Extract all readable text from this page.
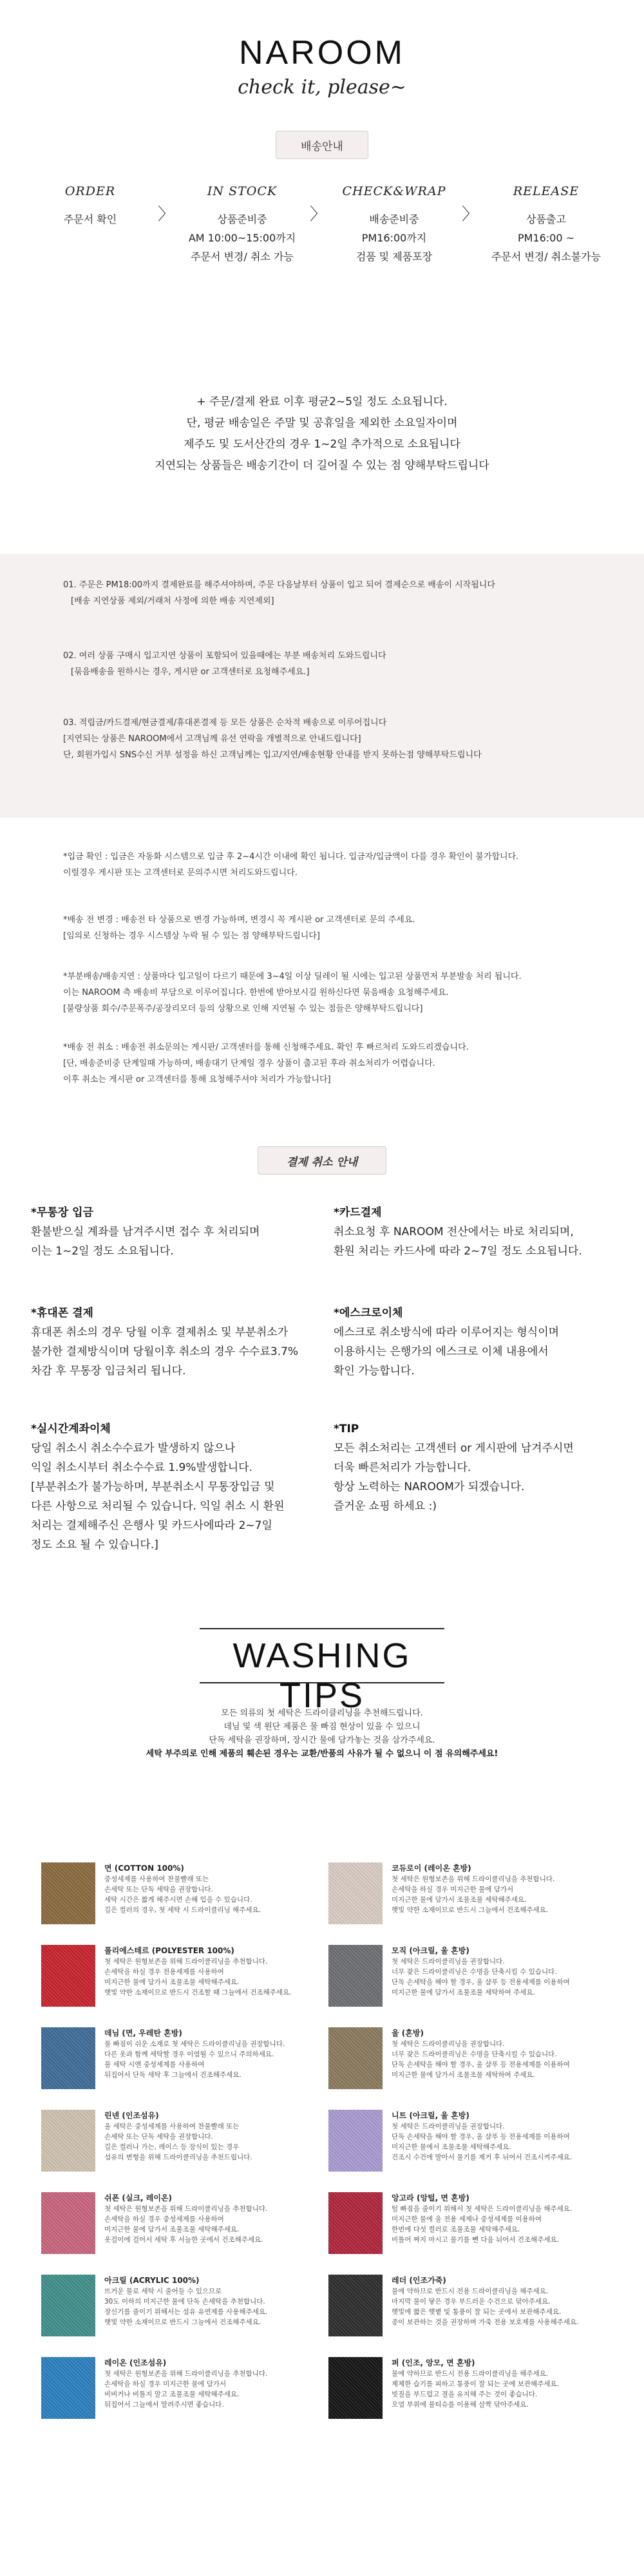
NAROOM
check it, please~
배송안내
ORDER
주문서 확인	〉
IN STOCK
상품준비중
AM 10:00~15:00까지
주문서 변경/ 취소 가능
〉
CHECK&WRAP
배송준비중
PM16:00까지
검품 및 제품포장
〉
RELEASE
상품출고
PM16:00 ~
주문서 변경/ 취소불가능
+ 주문/결제 완료 이후 평균2~5일 정도 소요됩니다.
단, 평균 배송일은 주말 및 공휴일을 제외한 소요일자이며
제주도 및 도서산간의 경우 1~2일 추가적으로 소요됩니다
지연되는 상품들은 배송기간이 더 길어질 수 있는 점 양해부탁드립니다
01. 주문은 PM18:00까지 결제완료를 해주셔야하며, 주문 다음날부터 상품이 입고 되어 결제순으로 배송이 시작됩니다
[배송 지연상품 제외/거래처 사정에 의한 배송 지연제외]
02. 여러 상품 구매시 입고지연 상품이 포함되어 있을때에는 부분 배송처리 도와드립니다
[묶음배송을 원하시는 경우, 게시판 or 고객센터로 요청해주세요.]
03. 적립금/카드결제/현금결제/휴대폰결제 등 모든 상품은 순차적 배송으로 이루어집니다
[지연되는 상품은 NAROOM에서 고객님께 유선 연락을 개별적으로 안내드립니다]
단, 회원가입시 SNS수신 거부 설정을 하신 고객님께는 입고/지연/배송현황 안내를 받지 못하는점 양해부탁드립니다
*입금 확인 : 입금은 자동화 시스템으로 입금 후 2~4시간 이내에 확인 됩니다. 입금자/입금액이 다를 경우 확인이 불가합니다.
이럴경우 게시판 또는 고객센터로 문의주시면 처리도와드립니다.
*배송 전 변경 : 배송전 타 상품으로 변경 가능하며, 변경시 꼭 게시판 or 고객센터로 문의 주세요.
[임의로 신청하는 경우 시스템상 누락 될 수 있는 점 양해부탁드립니다]
*부분배송/배송지연 : 상품마다 입고일이 다르기 때문에 3~4일 이상 딜레이 될 시에는 입고된 상품먼저 부분발송 처리 됩니다.
이는 NAROOM 측 배송비 부담으로 이루어집니다. 한번에 받아보시길 원하신다면 묶음배송 요청해주세요.
[불량상품 회수/주문폭주/공장리모더 등의 상황으로 인해 지연될 수 있는 점들은 양해부탁드립니다]
*배송 전 취소 : 배송전 취소문의는 게시판/ 고객센터를 통해 신청해주세요. 확인 후 빠르처리 도와드리겠습니다.
[단, 배송준비중 단계일때 가능하며, 배송대기 단계일 경우 상품이 출고된 후라 취소처리가 어렵습니다.
이후 취소는 게시판 or 고객센터를 통해 요청해주셔야 처리가 가능합니다]
결제 취소 안내
*무통장 입금
환불받으실 계좌를 남겨주시면 접수 후 처리되며
이는 1~2일 정도 소요됩니다.
*휴대폰 결제
휴대폰 취소의 경우 당월 이후 결제취소 및 부분취소가
불가한 결제방식이며 당월이후 취소의 경우 수수료3.7%
차감 후 무통장 입금처리 됩니다.
*실시간계좌이체
당일 취소시 취소수수료가 발생하지 않으나
익일 취소시부터 취소수수료 1.9%발생합니다.
[부분취소가 불가능하며, 부분취소시 무통장입금 및
다른 사항으로 처리될 수 있습니다. 익일 취소 시 환원
처리는 결제해주신 은행사 및 카드사에따라 2~7일
정도 소요 될 수 있습니다.]
*카드결제
취소요청 후 NAROOM 전산에서는 바로 처리되며,
환원 처리는 카드사에 따라 2~7일 정도 소요됩니다.
*에스크로이체
에스크로 취소방식에 따라 이루어지는 형식이며
이용하시는 은행가의 에스크로 이체 내용에서
확인 가능합니다.
*TIP
모든 취소처리는 고객센터 or 게시판에 남겨주시면
더욱 빠른처리가 가능합니다.
항상 노력하는 NAROOM가 되겠습니다.
즐거운 쇼핑 하세요 :)
WASHING TIPS
모든 의류의 첫 세탁은 드라이클리닝을 추천해드립니다.
데님 및 색 원단 제품은 물 빠짐 현상이 있을 수 있으니
단독 세탁을 권장하며, 장시간 물에 담가놓는 것을 삼가주세요.
세탁 부주의로 인해 제품의 훼손된 경우는 교환/반품의 사유가 될 수 없으니 이 점 유의해주세요!
면 (COTTON 100%)
중성세제를 사용하여 찬물빨래 또는
손세탁 또는 단독 세탁을 권장합니다.
세탁 시간은 짧게 해주시면 손해 입을 수 있습니다.
길은 컬러의 경우, 첫 세탁 시 드라이클리닝 해주세요.
폴리에스테르 (POLYESTER 100%)
첫 세탁은 원형보존을 위해 드라이클리닝을 추천합니다.
손세탁을 하실 경우 전용세제를 사용하여
미지근한 물에 담가서 조물조물 세탁해주세요.
햇빛 약한 소재이므로 반드시 건조할 때 그늘에서 건조해주세요.
데님 (면, 우레탄 혼방)
물 빠짐이 쉬운 소재로 첫 세탁은 드라이클리닝을 권장합니다.
다른 옷과 함께 세탁할 경우 이염될 수 있으니 주의하세요.
물 세탁 시엔 중성세제를 사용하여
뒤집어서 단독 세탁 후 그늘에서 건조해주세요.
린넨 (인조섬유)
울 세탁은 중성세제를 사용하여 찬물빨래 또는
손세탁 또는 단독 세탁을 권장합니다.
길은 컬러나 가는, 레이스 등 장식이 있는 경우
섬유의 변형을 위해 드라이클리닝을 추천드립니다.
쉬폰 (실크, 레이온)
첫 세탁은 원형보존을 위해 드라이클리닝을 추천합니다.
손세탁을 하실 경우 중성세제를 사용하여
미지근한 물에 담가서 조물조물 세탁해주세요.
옷걸이에 걸어서 세탁 후 서늘한 곳에서 건조해주세요.
아크릴 (ACRYLIC 100%)
뜨거운 물로 세탁 시 줄어들 수 있으므로
30도 이하의 미지근한 물에 단독 손세탁을 추천합니다.
장신기를 줄이기 위해서는 섬유 유연제를 사용해주세요.
햇빛 약한 소재이므로 반드시 그늘에서 건조해주세요.
레이온 (인조섬유)
첫 세탁은 원형보존을 위해 드라이클리닝을 추천합니다.
손세탁을 하실 경우 미지근한 물에 담가서
비비거나 비틀지 말고 조물조물 세탁해주세요.
뒤집어서 그늘에서 말려주시면 좋습니다.
코듀로이 (레이온 혼방)
첫 세탁은 원형보존을 위해 드라이클리닝을 추천합니다.
손세탁을 하실 경우 미지근한 물에 담가서
미지근한 물에 담가서 조물조물 세탁해주세요.
햇빛 약한 소재이므로 반드시 그늘에서 건조해주세요.
모직 (아크릴, 울 혼방)
첫 세탁은 드라이클리닝을 권장합니다.
너무 잦은 드라이클리닝은 수명을 단축시킬 수 있습니다.
단독 손세탁을 해야 할 경우, 울 샴푸 등 전용세제를 이용하여
미지근한 물에 담가서 조물조물 세탁하여 주세요.
울 (혼방)
첫 세탁은 드라이클리닝을 권장합니다.
너무 잦은 드라이클리닝은 수명을 단축시킬 수 있습니다.
단독 손세탁을 해야 할 경우, 울 샴푸 등 전용세제를 이용하여
미지근한 물에 담가서 조물조물 세탁하여 주세요.
니트 (아크릴, 울 혼방)
첫 세탁은 드라이클리닝을 권장합니다.
단독 손세탁을 해야 할 경우, 울 샴푸 등 전용세제를 이용하여
미지근한 물에서 조물조물 세탁해주세요.
건조시 수건에 말아서 물기를 제거 후 뉘어서 건조시켜주세요.
앙고라 (앙털, 면 혼방)
털 빠짐을 줄이기 위해서 첫 세탁은 드라이클리닝을 해주세요.
미지근한 물에 울 전용 세제나 중성세제를 이용하여
한번에 다섯 컬러로 조물조물 세탁해주세요.
비틀어 짜지 마시고 물기를 뺀 다음 뉘어서 건조해주세요.
레더 (인조가죽)
물에 약하므로 반드시 전용 드라이클리닝을 해주세요.
마지막 물이 닿은 경우 부드러운 수건으로 닦아주세요.
햇빛에 짧은 햇볕 및 통풍이 잘 되는 곳에서 보관해주세요.
종이 보관하는 것을 권장하며 가죽 전용 보호제를 사용해주세요.
퍼 (인조, 앙모, 면 혼방)
물에 약하므로 반드시 전용 드라이클리닝을 해주세요.
제제한 습기를 피하고 통풍이 잘 되는 곳에 보관해주세요.
빗질을 부드럽고 결을 유지해 주는 것이 좋습니다.
오염 부위에 물티슈를 이용해 살짝 닦아주세요.
